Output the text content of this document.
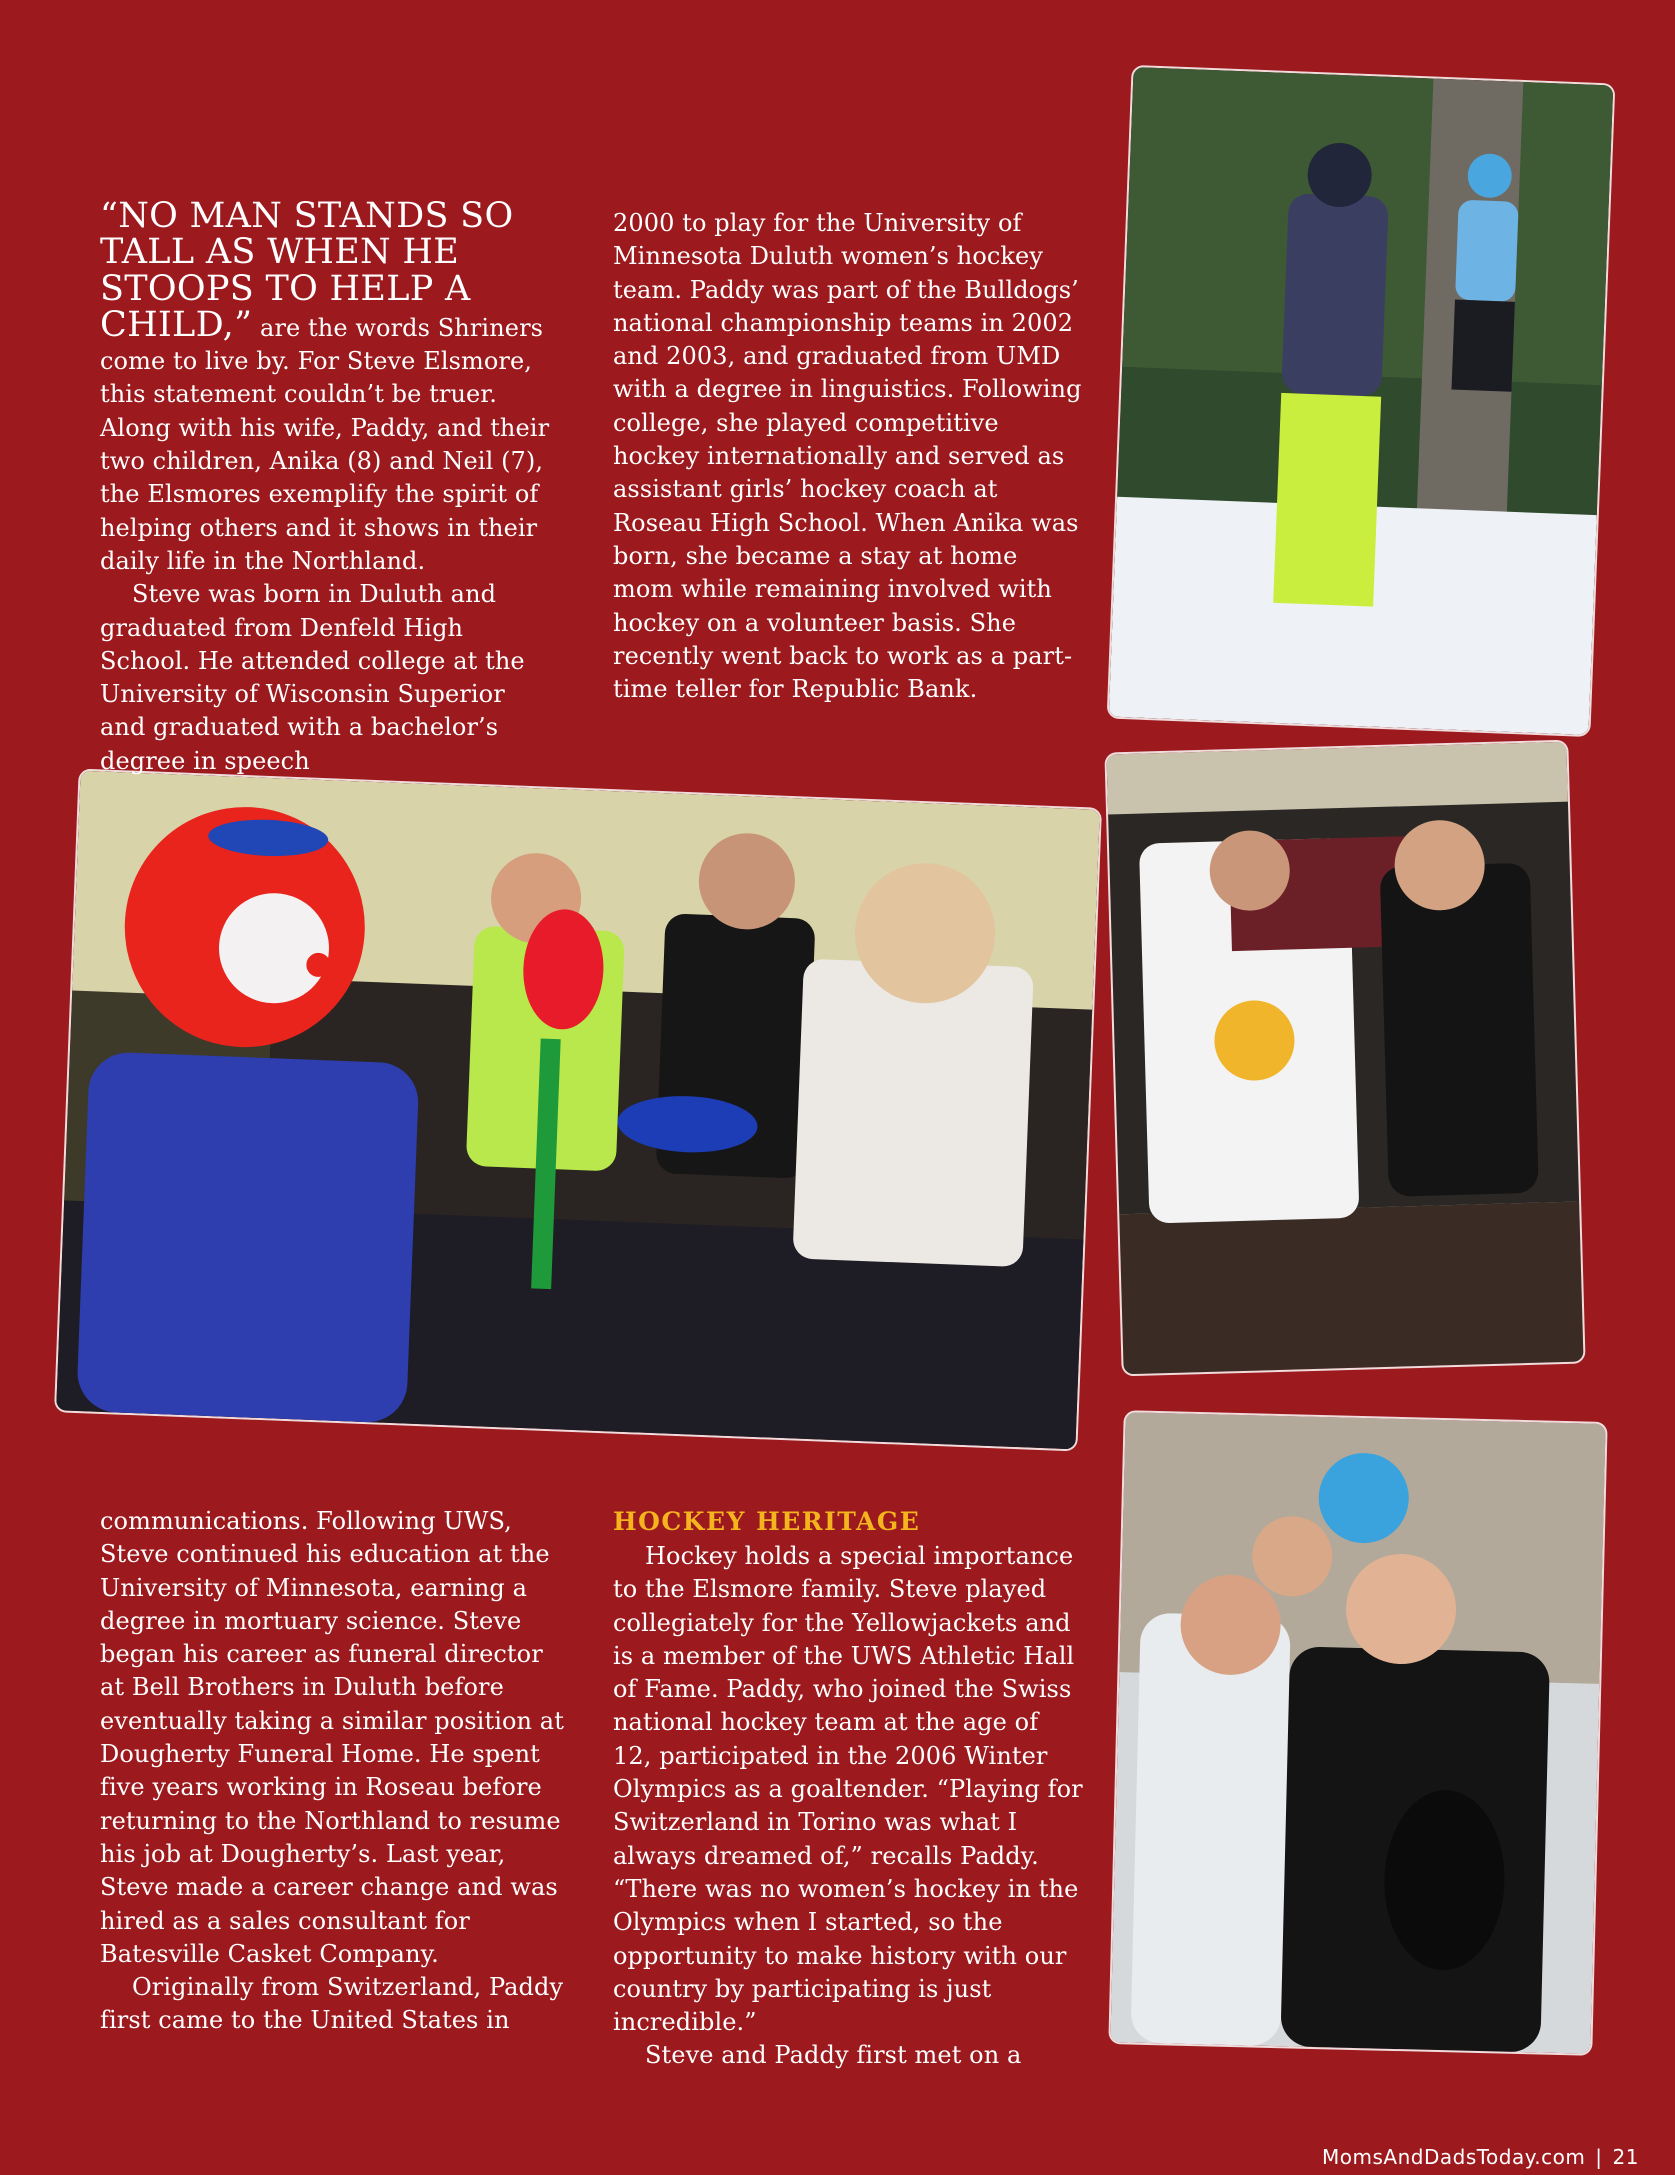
“NO MAN STANDS SO TALL AS WHEN HE STOOPS TO HELP A CHILD,” are the words Shriners come to live by. For Steve Elsmore, this statement couldn’t be truer. Along with his wife, Paddy, and their two children, Anika (8) and Neil (7), the Elsmores exemplify the spirit of helping others and it shows in their daily life in the Northland.

Steve was born in Duluth and graduated from Denfeld High School. He attended college at the University of Wisconsin Superior and graduated with a bachelor’s degree in speech

2000 to play for the University of Minnesota Duluth women’s hockey team. Paddy was part of the Bulldogs’ national championship teams in 2002 and 2003, and graduated from UMD with a degree in linguistics. Following college, she played competitive hockey internationally and served as assistant girls’ hockey coach at Roseau High School. When Anika was born, she became a stay at home mom while remaining involved with hockey on a volunteer basis. She recently went back to work as a part-time teller for Republic Bank.

communications. Following UWS, Steve continued his education at the University of Minnesota, earning a degree in mortuary science. Steve began his career as funeral director at Bell Brothers in Duluth before eventually taking a similar position at Dougherty Funeral Home. He spent five years working in Roseau before returning to the Northland to resume his job at Dougherty’s. Last year, Steve made a career change and was hired as a sales consultant for Batesville Casket Company.

Originally from Switzerland, Paddy first came to the United States in

HOCKEY HERITAGE

Hockey holds a special importance to the Elsmore family. Steve played collegiately for the Yellowjackets and is a member of the UWS Athletic Hall of Fame. Paddy, who joined the Swiss national hockey team at the age of 12, participated in the 2006 Winter Olympics as a goaltender. “Playing for Switzerland in Torino was what I always dreamed of,” recalls Paddy. “There was no women’s hockey in the Olympics when I started, so the opportunity to make history with our country by participating is just incredible.”

Steve and Paddy first met on a

MomsAndDadsToday.com | 21
